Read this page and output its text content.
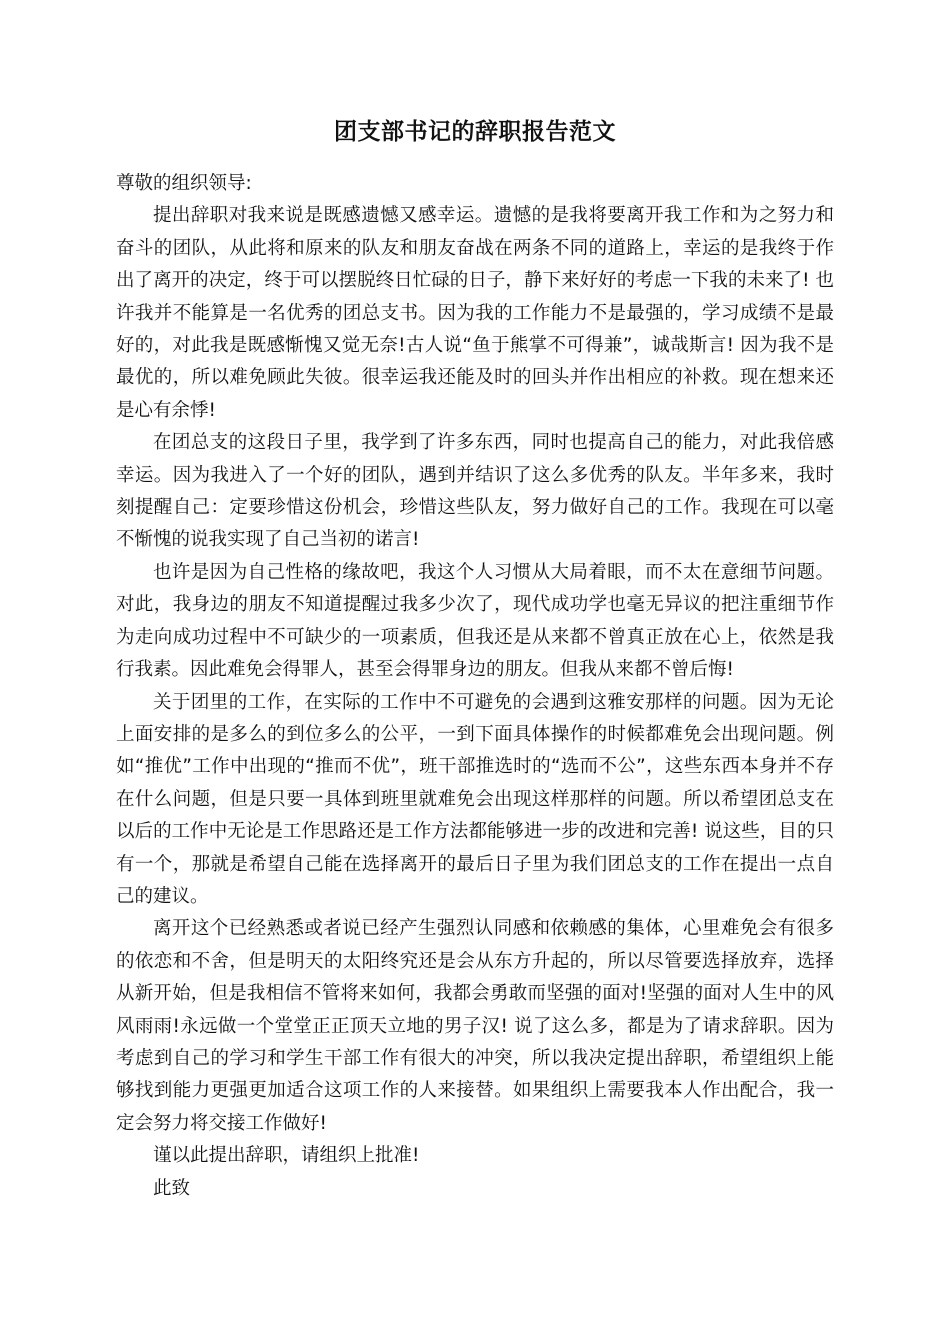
团支部书记的辞职报告范文

尊敬的组织领导:

提出辞职对我来说是既感遗憾又感幸运。遗憾的是我将要离开我工作和为之努力和奋斗的团队，从此将和原来的队友和朋友奋战在两条不同的道路上，幸运的是我终于作出了离开的决定，终于可以摆脱终日忙碌的日子，静下来好好的考虑一下我的未来了! 也许我并不能算是一名优秀的团总支书。因为我的工作能力不是最强的，学习成绩不是最好的，对此我是既感惭愧又觉无奈!古人说“鱼于熊掌不可得兼”，诚哉斯言! 因为我不是最优的，所以难免顾此失彼。很幸运我还能及时的回头并作出相应的补救。现在想来还是心有余悸!

在团总支的这段日子里，我学到了许多东西，同时也提高自己的能力，对此我倍感幸运。因为我进入了一个好的团队，遇到并结识了这么多优秀的队友。半年多来，我时刻提醒自己：定要珍惜这份机会，珍惜这些队友，努力做好自己的工作。我现在可以毫不惭愧的说我实现了自己当初的诺言!

也许是因为自己性格的缘故吧，我这个人习惯从大局着眼，而不太在意细节问题。对此，我身边的朋友不知道提醒过我多少次了，现代成功学也毫无异议的把注重细节作为走向成功过程中不可缺少的一项素质，但我还是从来都不曾真正放在心上，依然是我行我素。因此难免会得罪人，甚至会得罪身边的朋友。但我从来都不曾后悔!

关于团里的工作，在实际的工作中不可避免的会遇到这雅安那样的问题。因为无论上面安排的是多么的到位多么的公平，一到下面具体操作的时候都难免会出现问题。例如“推优”工作中出现的“推而不优”，班干部推选时的“选而不公”，这些东西本身并不存在什么问题，但是只要一具体到班里就难免会出现这样那样的问题。所以希望团总支在以后的工作中无论是工作思路还是工作方法都能够进一步的改进和完善! 说这些，目的只有一个，那就是希望自己能在选择离开的最后日子里为我们团总支的工作在提出一点自己的建议。

离开这个已经熟悉或者说已经产生强烈认同感和依赖感的集体，心里难免会有很多的依恋和不舍，但是明天的太阳终究还是会从东方升起的，所以尽管要选择放弃，选择从新开始，但是我相信不管将来如何，我都会勇敢而坚强的面对!坚强的面对人生中的风风雨雨!永远做一个堂堂正正顶天立地的男子汉! 说了这么多，都是为了请求辞职。因为考虑到自己的学习和学生干部工作有很大的冲突，所以我决定提出辞职，希望组织上能够找到能力更强更加适合这项工作的人来接替。如果组织上需要我本人作出配合，我一定会努力将交接工作做好!

谨以此提出辞职，请组织上批准!

此致
